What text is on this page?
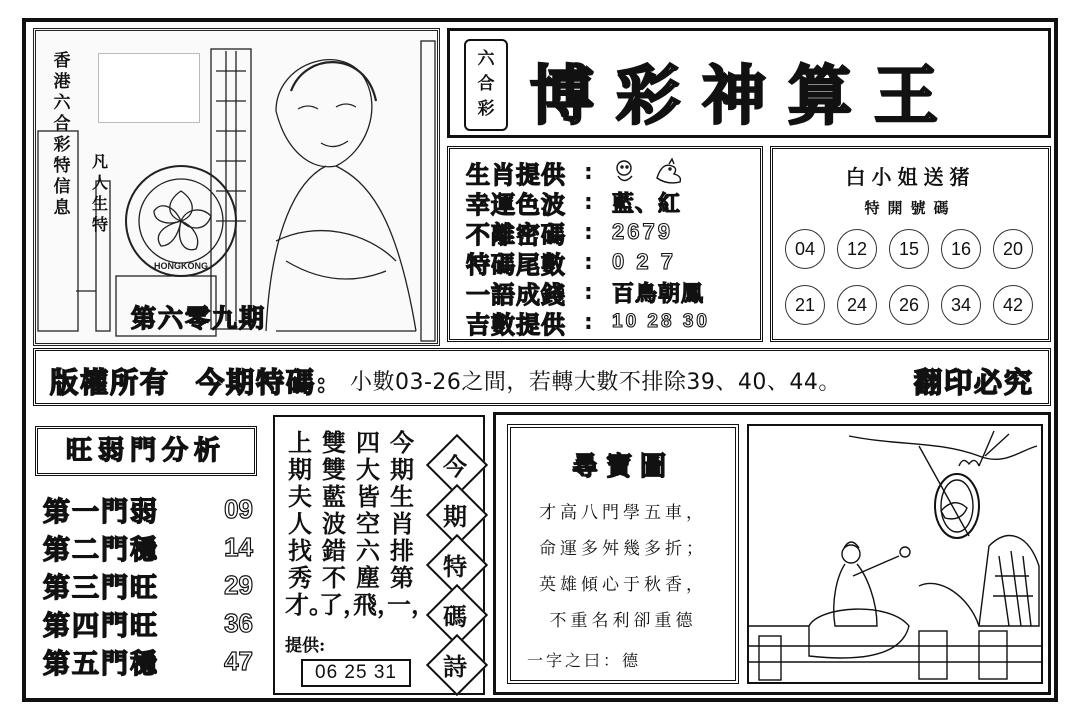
HONGKONG
香港六合彩特信息
凡人生特
第六零九期
六
合
彩 博彩神算王
生肖提供 :
幸運色波 : 藍、紅
不離密碼 : 2679
特碼尾數 : 0 2 7
一語成錢 : 百鳥朝鳳
吉數提供 :	10 28 30
白小姐送猪
特開號碼
04	12	15	16	20
21	24	26	34	42
版權所有 今期特碼: 小數03-26之間，若轉大數不排除39、40、44。	翻印必究
旺弱門分析
第一門弱	09
第二門穩	14
第三門旺	29
第四門旺	36
第五門穩	47
上期夫人找秀才。
雙雙藍波錯不了，
四大皆空六塵飛，
今期生肖排第一，
今
期
特
碼
詩
提供:
06 25 31
尋寶圖
才高八門學五車，
命運多舛幾多折；
英雄傾心于秋香，
不重名利卻重德
一字之曰：德
